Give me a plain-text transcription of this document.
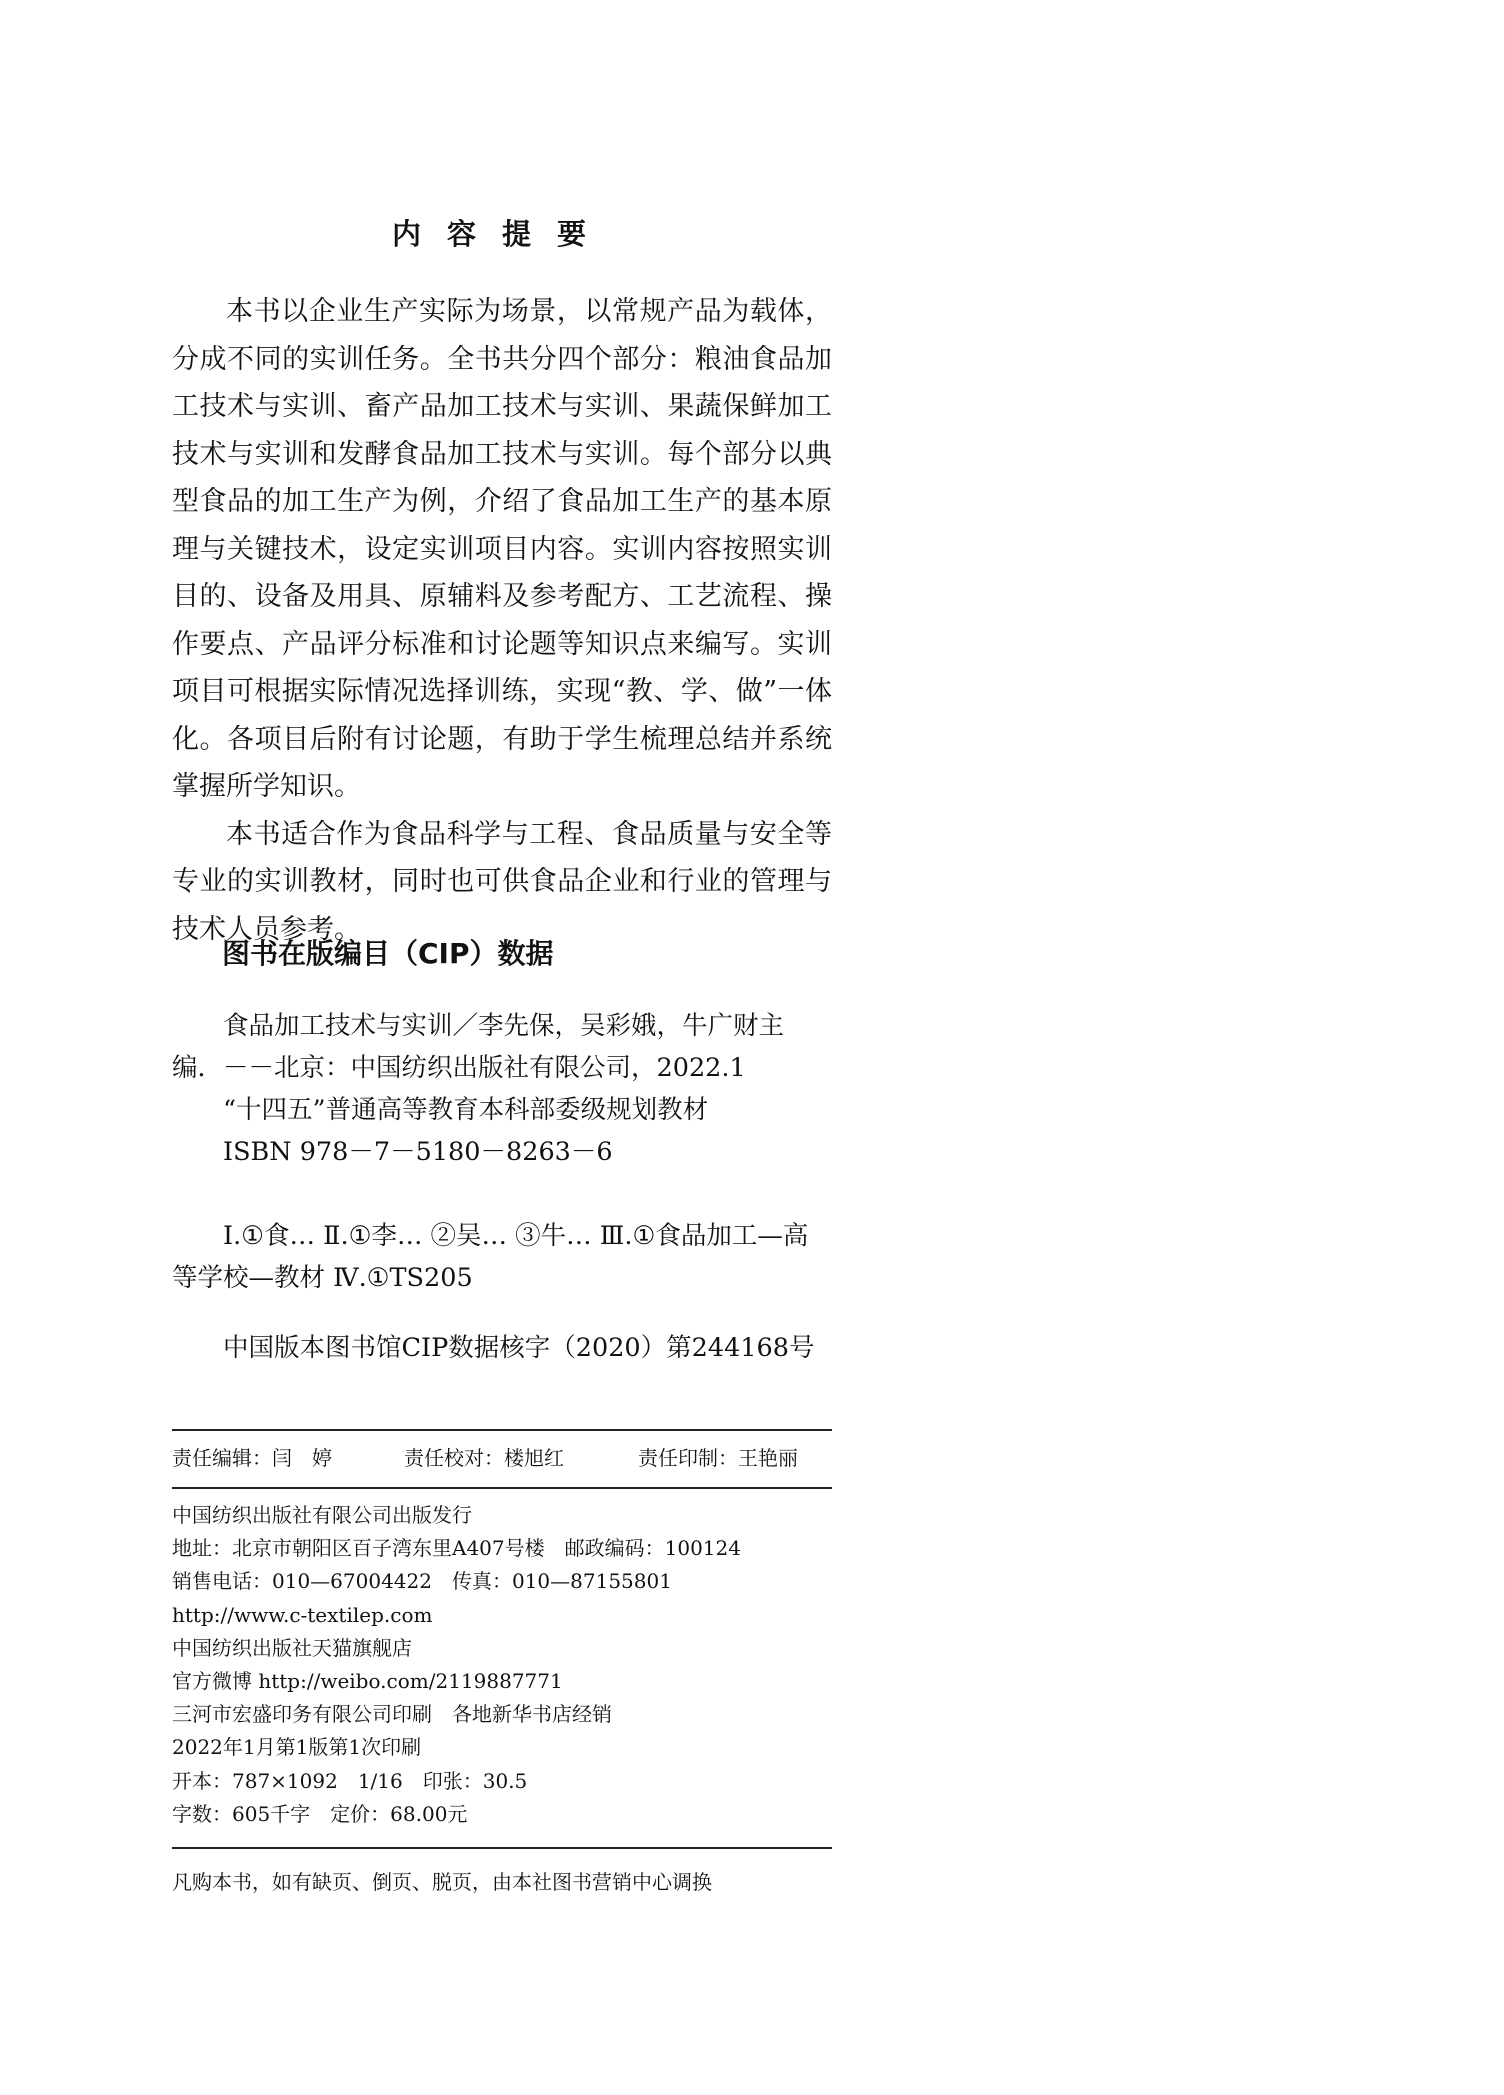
内容提要

本书以企业生产实际为场景，以常规产品为载体，分成不同的实训任务。全书共分四个部分：粮油食品加工技术与实训、畜产品加工技术与实训、果蔬保鲜加工技术与实训和发酵食品加工技术与实训。每个部分以典型食品的加工生产为例，介绍了食品加工生产的基本原理与关键技术，设定实训项目内容。实训内容按照实训目的、设备及用具、原辅料及参考配方、工艺流程、操作要点、产品评分标准和讨论题等知识点来编写。实训项目可根据实际情况选择训练，实现“教、学、做”一体化。各项目后附有讨论题，有助于学生梳理总结并系统掌握所学知识。

本书适合作为食品科学与工程、食品质量与安全等专业的实训教材，同时也可供食品企业和行业的管理与技术人员参考。

图书在版编目（CIP）数据

食品加工技术与实训／李先保，吴彩娥，牛广财主编．－－北京：中国纺织出版社有限公司，2022.1

“十四五”普通高等教育本科部委级规划教材

ISBN 978－7－5180－8263－6

Ⅰ.①食… Ⅱ.①李… ②吴… ③牛… Ⅲ.①食品加工—高等学校—教材 Ⅳ.①TS205

中国版本图书馆CIP数据核字（2020）第244168号

责任编辑：闫　婷	责任校对：楼旭红	责任印制：王艳丽

中国纺织出版社有限公司出版发行

地址：北京市朝阳区百子湾东里A407号楼　邮政编码：100124

销售电话：010—67004422　传真：010—87155801

http://www.c-textilep.com

中国纺织出版社天猫旗舰店

官方微博 http://weibo.com/2119887771

三河市宏盛印务有限公司印刷　各地新华书店经销

2022年1月第1版第1次印刷

开本：787×1092　1/16　印张：30.5

字数：605千字　定价：68.00元

凡购本书，如有缺页、倒页、脱页，由本社图书营销中心调换
